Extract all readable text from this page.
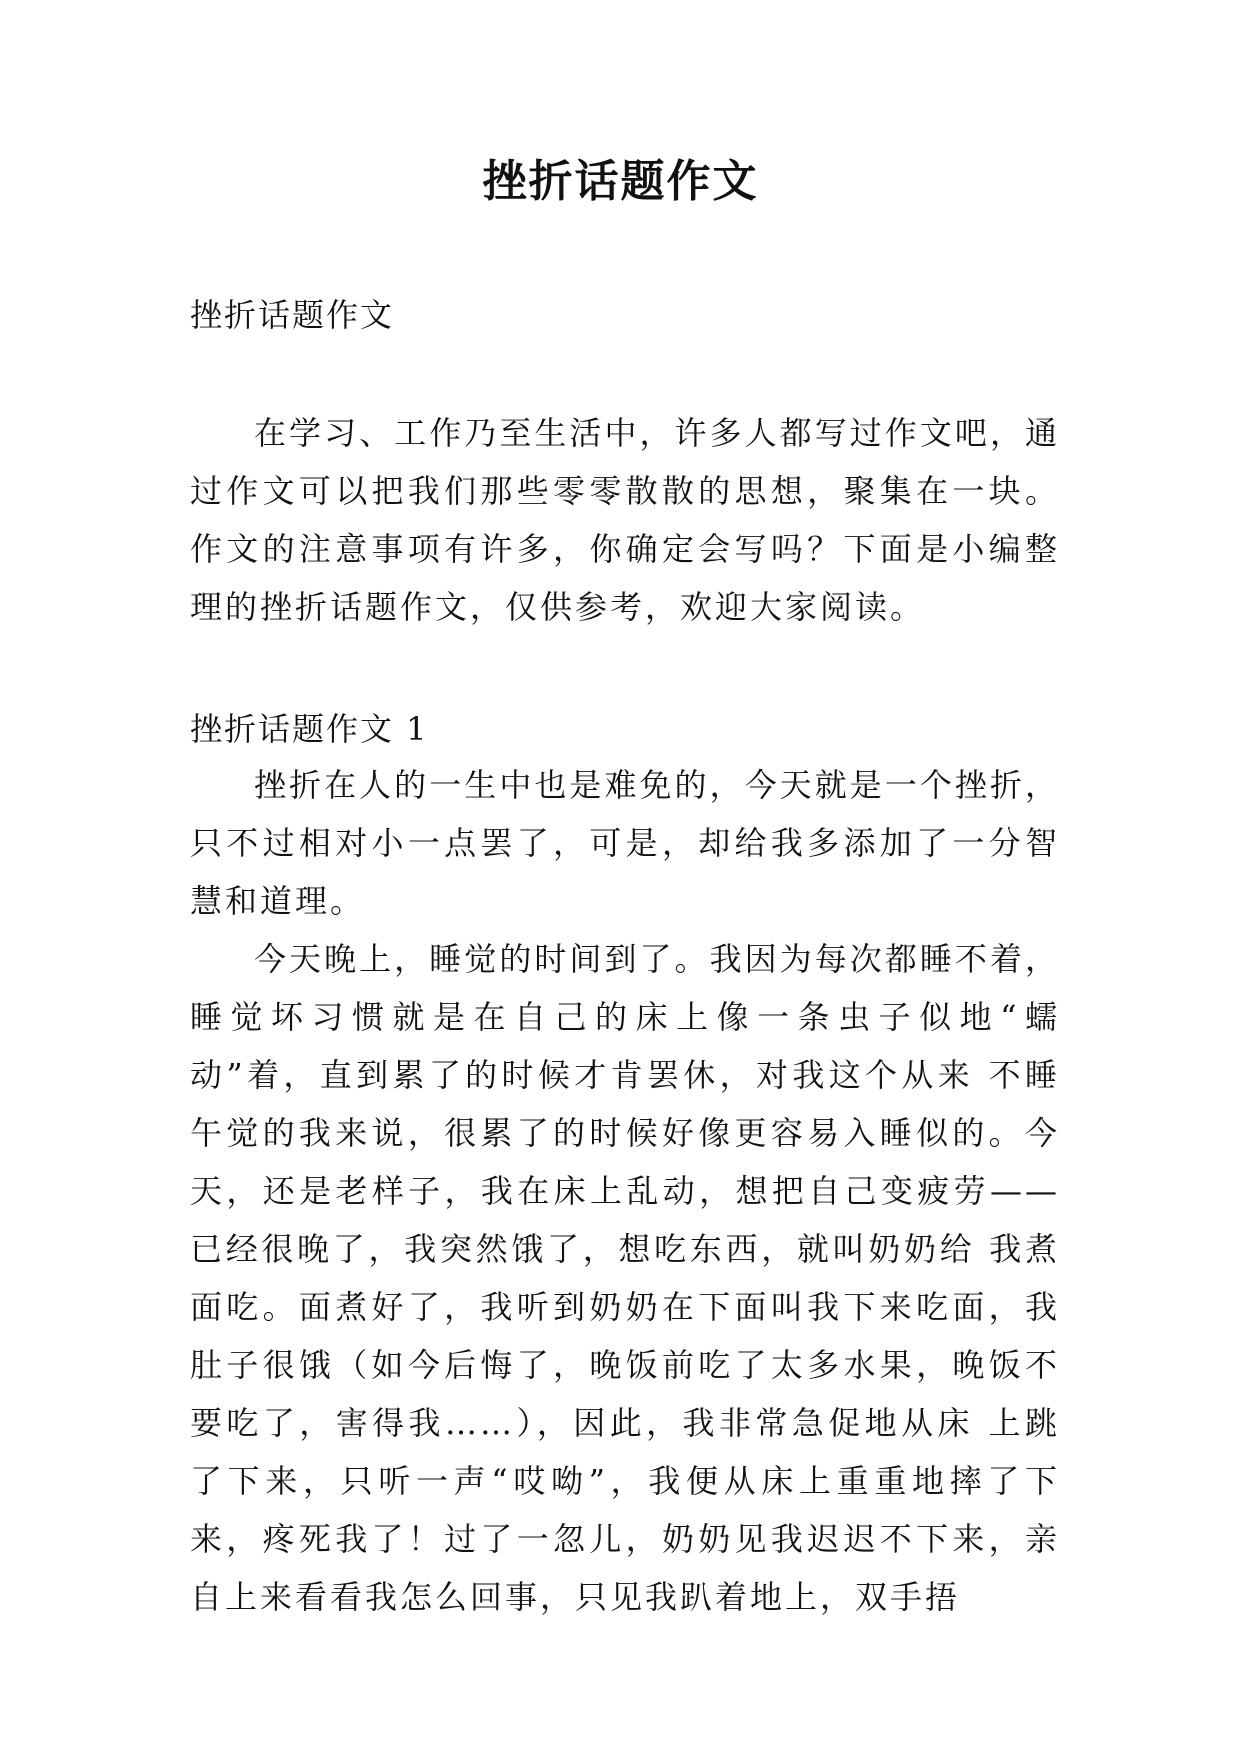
挫折话题作文
挫折话题作文

在学习、工作乃至生活中，许多人都写过作文吧，通过作文可以把我们那些零零散散的思想，聚集在一块。作文的注意事项有许多，你确定会写吗？下面是小编整理的挫折话题作文，仅供参考，欢迎大家阅读。

挫折话题作文 1

挫折在人的一生中也是难免的，今天就是一个挫折，只不过相对小一点罢了，可是，却给我多添加了一分智慧和道理。

今天晚上，睡觉的时间到了。我因为每次都睡不着，睡觉坏习惯就是在自己的床上像一条虫子似地“蠕动”着，直到累了的时候才肯罢休，对我这个从来 不睡午觉的我来说，很累了的时候好像更容易入睡似的。今天，还是老样子，我在床上乱动，想把自己变疲劳——已经很晚了，我突然饿了，想吃东西，就叫奶奶给 我煮面吃。面煮好了，我听到奶奶在下面叫我下来吃面，我肚子很饿（如今后悔了，晚饭前吃了太多水果，晚饭不要吃了，害得我……），因此，我非常急促地从床 上跳了下来，只听一声“哎呦”，我便从床上重重地摔了下来，疼死我了！过了一忽儿，奶奶见我迟迟不下来，亲自上来看看我怎么回事，只见我趴着地上，双手捂
